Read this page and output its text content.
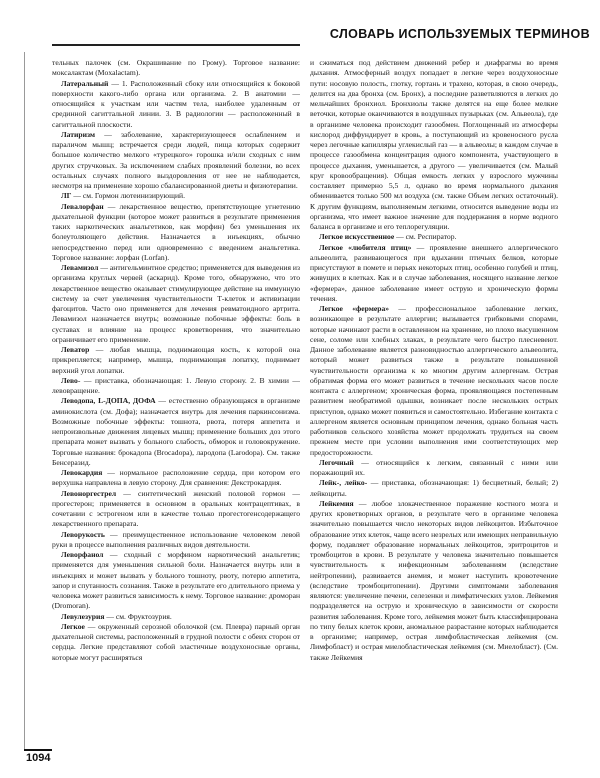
СЛОВАРЬ ИСПОЛЬЗУЕМЫХ ТЕРМИНОВ

тельных палочек (см. Окрашивание по Грому). Торговое название: моксалактам (Moxalactam).

Латеральный — 1. Расположенный сбоку или относящийся к боковой поверхности какого-либо органа или организма. 2. В анатомии — относящийся к участкам или частям тела, наиболее удаленным от срединной сагиттальной линии. 3. В радиологии — расположенный в сагиттальной плоскости.

Латиризм — заболевание, характеризующееся ослаблением и параличом мышц; встречается среди людей, пища которых содержит большое количество мелкого «турецкого» горошка и/или сходных с ним других стручковых. За исключением слабых проявлений болезни, во всех остальных случаях полного выздоровления от нее не наблюдается, несмотря на применение хорошо сбалансированной диеты и физиотерапии.

ЛГ — см. Гормон лютеинизирующий.

Левалорфан — лекарственное вещество, препятствующее угнетению дыхательной функции (которое может развиться в результате применения таких наркотических анальгетиков, как морфин) без уменьшения их болеутоляющего действия. Назначается в инъекциях, обычно непосредственно перед или одновременно с введением анальгетика. Торговое название: лорфан (Lorfan).

Левамизол — антигельминтное средство; применяется для выведения из организма круглых червей (аскарид). Кроме того, обнаружено, что это лекарственное вещество оказывает стимулирующее действие на иммунную систему за счет увеличения чувствительности Т-клеток и активизации фагоцитов. Часто оно применяется для лечения ревматоидного артрита. Левамизол назначается внутрь; возможные побочные эффекты: боль в суставах и влияние на процесс кроветворения, что значительно ограничивает его применение.

Леватор — любая мышца, поднимающая кость, к которой она прикрепляется; например, мышца, поднимающая лопатку, поднимает верхний угол лопатки.

Лево- — приставка, обозначающая: 1. Левую сторону. 2. В химии — левовращение.

Леводопа, L-ДОПА, ДОФА — естественно образующаяся в организме аминокислота (см. Дофа); назначается внутрь для лечения паркинсонизма. Возможные побочные эффекты: тошнота, рвота, потеря аппетита и непроизвольные движения лицевых мышц; применение больших доз этого препарата может вызвать у больного слабость, обморок и головокружение. Торговые названия: брокадопа (Brocadopa), лародопа (Larodopa). См. также Бенсеразид.

Левокардия — нормальное расположение сердца, при котором его верхушка направлена в левую сторону. Для сравнения: Декстрокардия.

Левоноргестрел — синтетический женский половой гормон — прогестерон; применяется в основном в оральных контрацептивах, в сочетании с эстрогеном или в качестве только прогестогенсодержащего лекарственного препарата.

Леворукость — преимущественное использование человеком левой руки в процессе выполнения различных видов деятельности.

Леворфанол — сходный с морфином наркотический анальгетик; применяется для уменьшения сильной боли. Назначается внутрь или в инъекциях и может вызвать у больного тошноту, рвоту, потерю аппетита, запор и спутанность сознания. Также в результате его длительного приема у человека может развиться зависимость к нему. Торговое название: дроморан (Dromoran).

Левулезурия — см. Фруктозурия.

Легкое — окруженный серозной оболочкой (см. Плевра) парный орган дыхательной системы, расположенный в грудной полости с обеих сторон от сердца. Легкие представляют собой эластичные воздухоносные органы, которые могут расширяться

и сжиматься под действием движений ребер и диафрагмы во время дыхания. Атмосферный воздух попадает в легкие через воздухоносные пути: носовую полость, глотку, гортань и трахею, которая, в свою очередь, делится на два бронха (см. Бронх), а последние разветвляются в легких до мельчайших бронхиол. Бронхиолы также делятся на еще более мелкие веточки, которые оканчиваются в воздушных пузырьках (см. Альвеола), где в организме человека происходит газообмен. Поглощенный из атмосферы кислород диффундирует в кровь, а поступающий из кровеносного русла через легочные капилляры углекислый газ — в альвеолы; в каждом случае в процессе газообмена концентрация одного компонента, участвующего в процессе дыхания, уменьшается, а другого — увеличивается (см. Малый круг кровообращения). Общая емкость легких у взрослого мужчины составляет примерно 5,5 л, однако во время нормального дыхания обменивается только 500 мл воздуха (см. также Объем легких остаточный). К другим функциям, выполняемым легкими, относится выведение воды из организма, что имеет важное значение для поддержания в норме водного баланса в организме и его теплорегуляции.

Легкое искусственное — см. Респиратор.

Легкое «любителя птиц» — проявление внешнего аллергического альвеолита, развивающегося при вдыхании птичьих белков, которые присутствуют в помете и перьях некоторых птиц, особенно голубей и птиц, живущих в клетках. Как и в случае заболевания, носящего название легкое «фермера», данное заболевание имеет острую и хроническую формы течения.

Легкое «фермера» — профессиональное заболевание легких, возникающее в результате аллергии; вызывается грибковыми спорами, которые начинают расти в оставленном на хранение, но плохо высушенном сене, соломе или хлебных злаках, в результате чего быстро плесневеют. Данное заболевание является разновидностью аллергического альвеолита, который может развиться также в результате повышенной чувствительности организма к ко многим другим аллергенам. Острая обратимая форма его может развиться в течение нескольких часов после контакта с аллергеном; хроническая форма, проявляющаяся постепенным развитием необратимой одышки, возникает после нескольких острых приступов, однако может появиться и самостоятельно. Избегание контакта с аллергеном является основным принципом лечения, однако больная часть работников сельского хозяйства может продолжать трудиться на своем прежнем месте при условии выполнения ими соответствующих мер предосторожности.

Легочный — относящийся к легким, связанный с ними или поражающий их.

Лейк-, лейко- — приставка, обозначающая: 1) бесцветный, белый; 2) лейкоциты.

Лейкемия — любое злокачественное поражение костного мозга и других кроветворных органов, в результате чего в организме человека значительно повышается число некоторых видов лейкоцитов. Избыточное образование этих клеток, чаще всего незрелых или имеющих неправильную форму, подавляет образование нормальных лейкоцитов, эритроцитов и тромбоцитов в крови. В результате у человека значительно повышается чувствительность к инфекционным заболеваниям (вследствие нейтропении), развивается анемия, и может наступить кровотечение (вследствие тромбоцитопении). Другими симптомами заболевания являются: увеличение печени, селезенки и лимфатических узлов. Лейкемия подразделяется на острую и хроническую в зависимости от скорости развития заболевания. Кроме того, лейкемия может быть классифицирована по типу белых клеток крови, аномальное разрастание которых наблюдается в организме; например, острая лимфобластическая лейкемия (см. Лимфобласт) и острая миелобластическая лейкемия (см. Миелобласт). (См. также Лейкемия

1094
